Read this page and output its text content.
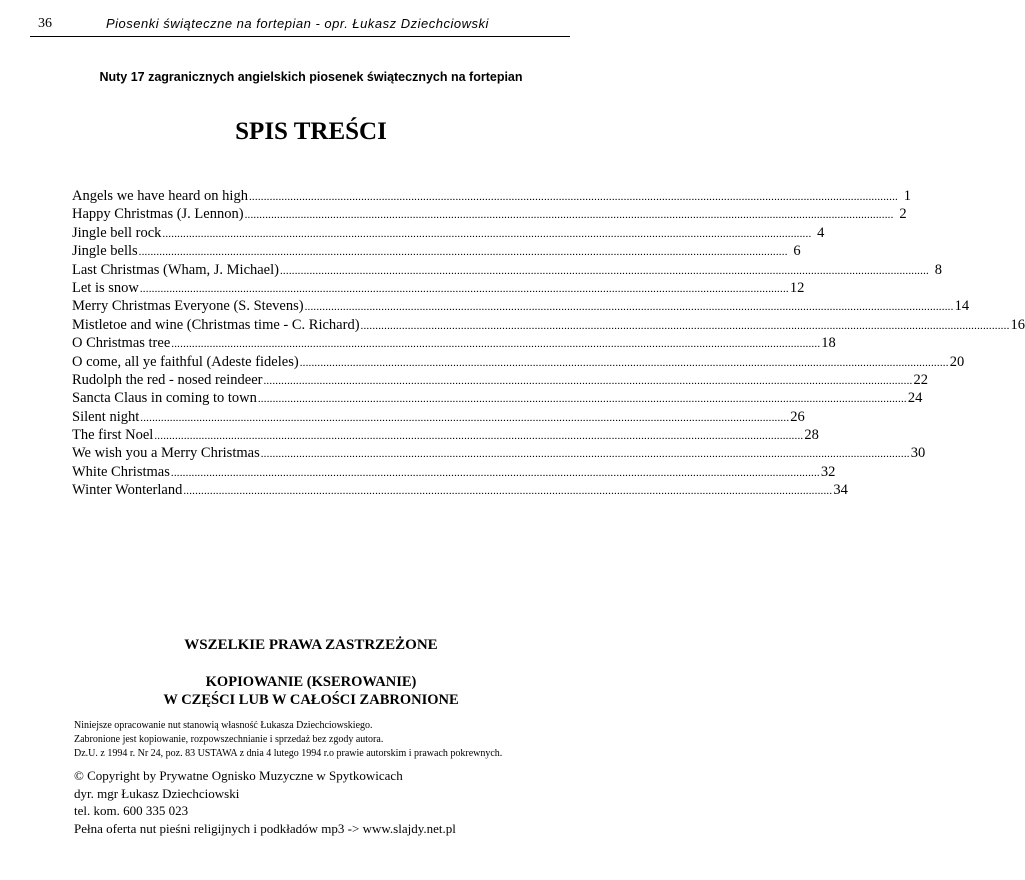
36	Piosenki świąteczne na fortepian - opr. Łukasz Dziechciowski
Nuty 17 zagranicznych angielskich piosenek świątecznych na fortepian
SPIS TREŚCI
Angels we have heard on high ............................................................................................................................................................................................................................ 1
Happy Christmas (J. Lennon) ............................................................................................................................................................................................................................ 2
Jingle bell rock ............................................................................................................................................................................................................................ 4
Jingle bells ............................................................................................................................................................................................................................ 6
Last Christmas (Wham, J. Michael) ............................................................................................................................................................................................................................ 8
Let is snow ............................................................................................................................................................................................................................ 12
Merry Christmas Everyone (S. Stevens) ............................................................................................................................................................................................................................ 14
Mistletoe and wine (Christmas time - C. Richard) ............................................................................................................................................................................................................................ 16
O Christmas tree ............................................................................................................................................................................................................................ 18
O come, all ye faithful (Adeste fideles) ............................................................................................................................................................................................................................ 20
Rudolph the red - nosed reindeer ............................................................................................................................................................................................................................ 22
Sancta Claus in coming to town ............................................................................................................................................................................................................................ 24
Silent night ............................................................................................................................................................................................................................ 26
The first Noel ............................................................................................................................................................................................................................ 28
We wish you a Merry Christmas ............................................................................................................................................................................................................................ 30
White Christmas ............................................................................................................................................................................................................................ 32
Winter Wonterland ............................................................................................................................................................................................................................ 34
WSZELKIE PRAWA ZASTRZEŻONE
KOPIOWANIE (KSEROWANIE)
W CZĘŚCI LUB W CAŁOŚCI ZABRONIONE
Niniejsze opracowanie nut stanowią własność Łukasza Dziechciowskiego.
Zabronione jest kopiowanie, rozpowszechnianie i sprzedaż bez zgody autora.
Dz.U. z 1994 r. Nr 24, poz. 83 USTAWA z dnia 4 lutego 1994 r.o prawie autorskim i prawach pokrewnych.
© Copyright by Prywatne Ognisko Muzyczne w Spytkowicach
dyr. mgr Łukasz Dziechciowski
tel. kom. 600 335 023
Pełna oferta nut pieśni religijnych i podkładów mp3 -> www.slajdy.net.pl
